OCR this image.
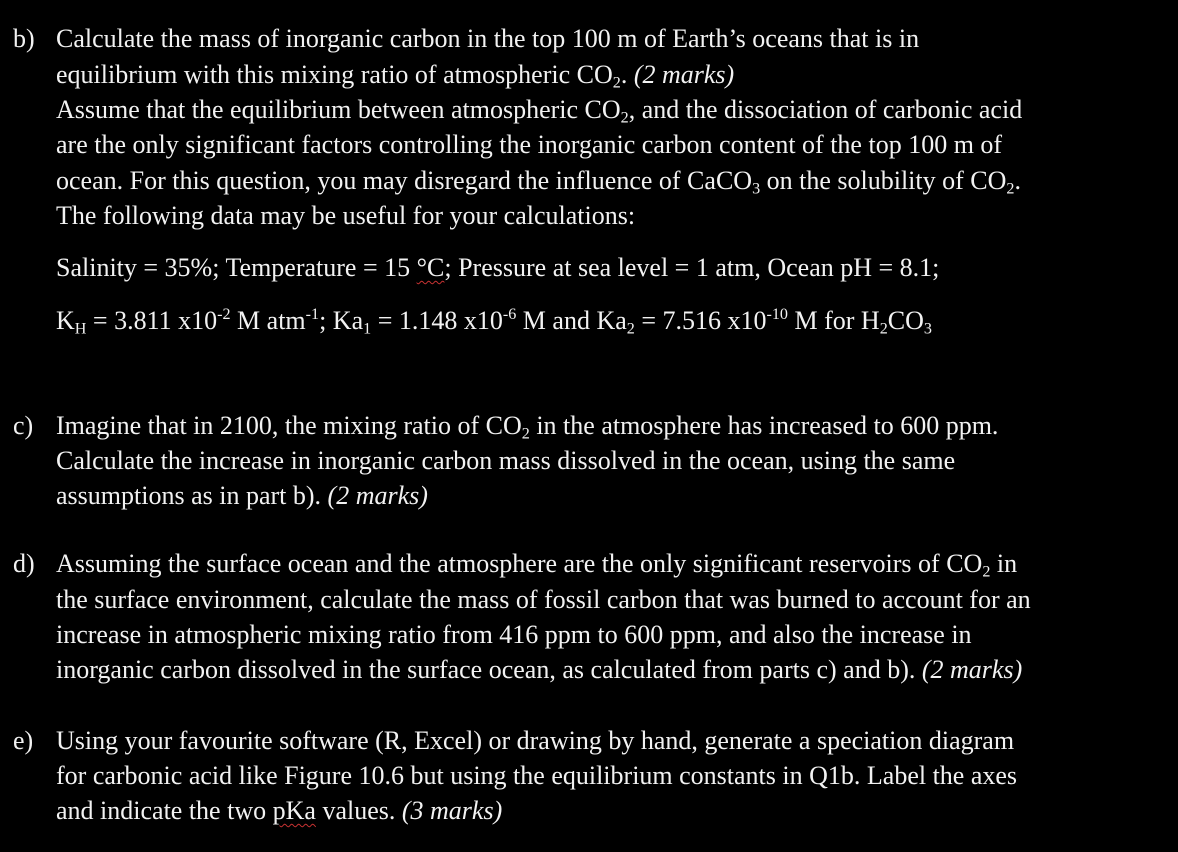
b) Calculate the mass of inorganic carbon in the top 100 m of Earth’s oceans that is in
equilibrium with this mixing ratio of atmospheric $CO_2$. (2 marks)
Assume that the equilibrium between atmospheric $CO_2$, and the dissociation of carbonic acid
are the only significant factors controlling the inorganic carbon content of the top 100 m of
ocean. For this question, you may disregard the influence of CaCO$_3$ on the solubility of $CO_2$.
The following data may be useful for your calculations:
Salinity = 35%; Temperature = 15 °C; Pressure at sea level = 1 atm, Ocean pH = 8.1;
$K_H = 3.811$ $x10^{-2}$ M atm$^{-1}$; $Ka_1 = 1.148$ $x10^{-6}$ M and $Ka_2 = 7.516$ $x10^{-10}$ M for $H_2CO_3$
c) Imagine that in 2100, the mixing ratio of $CO_2$ in the atmosphere has increased to 600 ppm.
Calculate the increase in inorganic carbon mass dissolved in the ocean, using the same
assumptions as in part b). (2 marks)
d) Assuming the surface ocean and the atmosphere are the only significant reservoirs of $CO_2$ in
the surface environment, calculate the mass of fossil carbon that was burned to account for an
increase in atmospheric mixing ratio from 416 ppm to 600 ppm, and also the increase in
inorganic carbon dissolved in the surface ocean, as calculated from parts c) and b). (2 marks)
e) Using your favourite software (R, Excel) or drawing by hand, generate a speciation diagram
for carbonic acid like Figure 10.6 but using the equilibrium constants in Q1b. Label the axes
and indicate the two pKa values. (3 marks)
